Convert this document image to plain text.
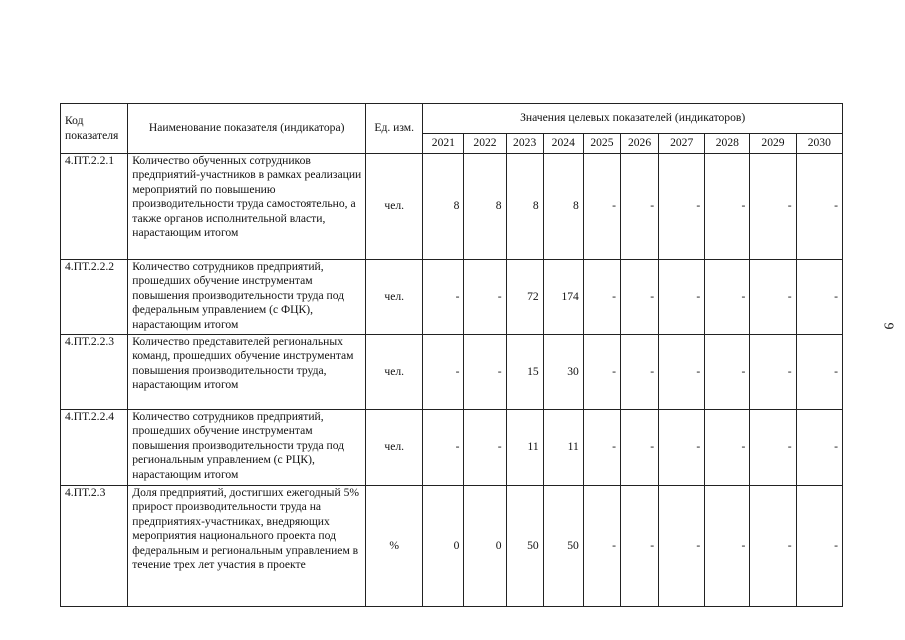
Код показателя	Наименование показателя (индикатора)	Ед. изм.	Значения целевых показателей (индикаторов)									
			2021	2022	2023	2024	2025	2026	2027	2028	2029	2030
4.ПТ.2.2.1	Количество обученных сотрудников предприятий-участников в рамках реализации мероприятий по повышению производительности труда самостоятельно, а также органов исполнительной власти, нарастающим итогом	чел.	8	8	8	8	-	-	-	-	-	-
4.ПТ.2.2.2	Количество сотрудников предприятий, прошедших обучение инструментам повышения производительности труда под федеральным управлением (с ФЦК), нарастающим итогом	чел.	-	-	72	174	-	-	-	-	-	-
4.ПТ.2.2.3	Количество представителей региональных команд, прошедших обучение инструментам повышения производительности труда, нарастающим итогом	чел.	-	-	15	30	-	-	-	-	-	-
4.ПТ.2.2.4	Количество сотрудников предприятий, прошедших обучение инструментам повышения производительности труда под региональным управлением (с РЦК), нарастающим итогом	чел.	-	-	11	11	-	-	-	-	-	-
4.ПТ.2.3	Доля предприятий, достигших ежегодный 5% прирост производительности труда на предприятиях-участниках, внедряющих мероприятия национального проекта под федеральным и региональным управлением в течение трех лет участия в проекте	%	0	0	50	50	-	-	-	-	-	-
9
